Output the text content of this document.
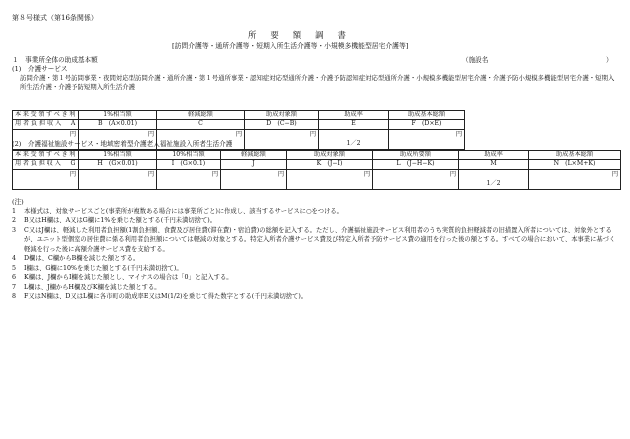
第８号様式（第16条関係）
所要額調書
[訪問介護等・通所介護等・短期入所生活介護等・小規模多機能型居宅介護等]
１　事業所全体の助成基本額	（施設名	）
(1)　介護サービス
訪問介護・第１号訪問事業・夜間対応型訪問介護・通所介護・第１号通所事業・認知症対応型通所介護・介護予防認知症対応型通所介護・小規模多機能型居宅介護・介護予防小規模多機能型居宅介護・短期入所生活介護・介護予防短期入所生活介護
本来受領すべき利	1%相当額	軽減総額	助成対象額	助成率	助成基本総額
用者負担収入　A	B　(A×0.01)	C	D　(C−B)	E	F　(D×E)
円	円	円	円	1／2	円
(2)　介護福祉施設サービス・地域密着型介護老人福祉施設入所者生活介護
本来受領すべき利	1%相当額	10%相当額	軽減総額	助成対象額	助成所要額	助成率	助成基本総額
用者負担収入　G	H　(G×0.01)	I　(G×0.1)	J	K　(J−I)	L　(J−H−K)	M	N　(L×M+K)
円	円	円	円	円	円	1／2	円
(注)
1 本様式は、対象サービスごと(事業所が複数ある場合には事業所ごと)に作成し、該当するサービスに○をつける。
2 B又はH欄は、A又はG欄に1%を乗じた額とする(千円未満切捨て)。
3 C又はJ欄は、軽減した利用者負担額(1割負担額、食費及び居住費(滞在費)・宿泊費)の総額を記入する。ただし、介護福祉施設サービス利用者のうち実質的負担軽減者の旧措置入所者については、対象外とするが、ユニット型個室の居住費に係る利用者負担額については軽減の対象とする。特定入所者介護サービス費及び特定入所者予防サービス費の適用を行った後の額とする。すべての場合において、本事業に基づく軽減を行った後に高額介護サービス費を支給する。
4 D欄は、C欄からB欄を減じた額とする。
5 I欄は、G欄に10%を乗じた額とする(千円未満切捨て)。
6 K欄は、J欄からI欄を減じた額とし、マイナスの場合は「0」と記入する。
7 L欄は、J欄からH欄及びK欄を減じた額とする。
8 F又はN欄は、D又はL欄に各市町の助成率E又はM(1/2)を乗じて得た数字とする(千円未満切捨て)。
